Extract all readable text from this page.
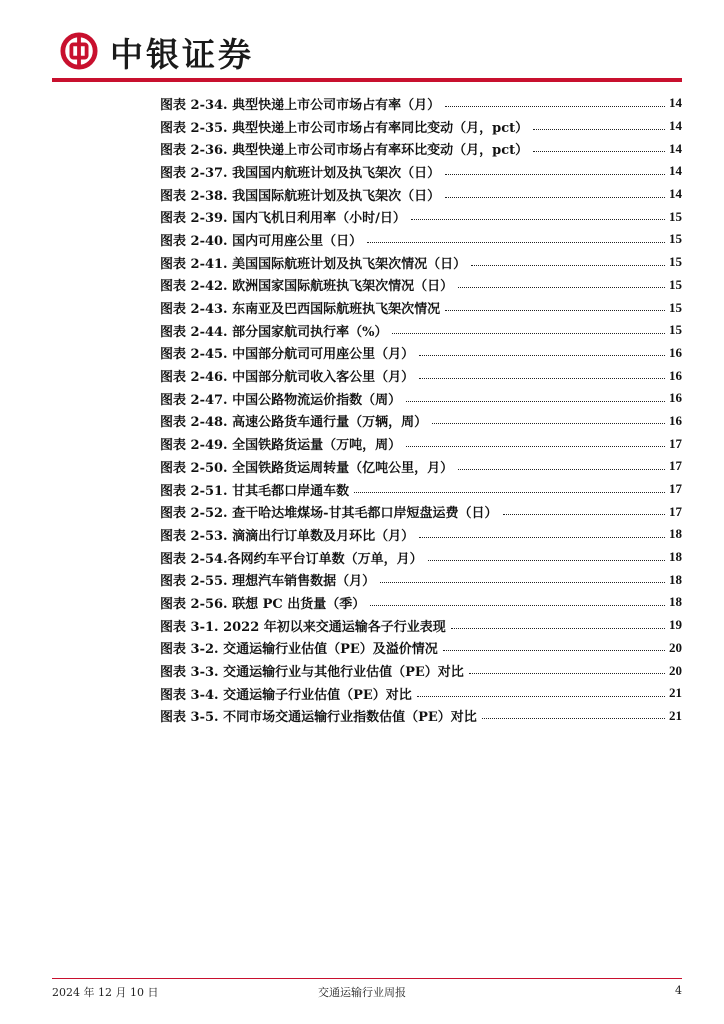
中银证券
图表 2-34. 典型快递上市公司市场占有率（月）	14
图表 2-35. 典型快递上市公司市场占有率同比变动（月，pct）	14
图表 2-36. 典型快递上市公司市场占有率环比变动（月，pct）	14
图表 2-37. 我国国内航班计划及执飞架次（日）	14
图表 2-38. 我国国际航班计划及执飞架次（日）	14
图表 2-39. 国内飞机日利用率（小时/日）	15
图表 2-40. 国内可用座公里（日）	15
图表 2-41. 美国国际航班计划及执飞架次情况（日）	15
图表 2-42. 欧洲国家国际航班执飞架次情况（日）	15
图表 2-43. 东南亚及巴西国际航班执飞架次情况	15
图表 2-44. 部分国家航司执行率（%）	15
图表 2-45. 中国部分航司可用座公里（月）	16
图表 2-46. 中国部分航司收入客公里（月）	16
图表 2-47. 中国公路物流运价指数（周）	16
图表 2-48. 高速公路货车通行量（万辆，周）	16
图表 2-49. 全国铁路货运量（万吨，周）	17
图表 2-50. 全国铁路货运周转量（亿吨公里，月）	17
图表 2-51. 甘其毛都口岸通车数	17
图表 2-52. 查干哈达堆煤场-甘其毛都口岸短盘运费（日）	17
图表 2-53. 滴滴出行订单数及月环比（月）	18
图表 2-54.各网约车平台订单数（万单，月）	18
图表 2-55. 理想汽车销售数据（月）	18
图表 2-56. 联想 PC 出货量（季）	18
图表 3-1. 2022 年初以来交通运输各子行业表现	19
图表 3-2. 交通运输行业估值（PE）及溢价情况	20
图表 3-3. 交通运输行业与其他行业估值（PE）对比	20
图表 3-4. 交通运输子行业估值（PE）对比	21
图表 3-5. 不同市场交通运输行业指数估值（PE）对比	21
2024 年 12 月 10 日	交通运输行业周报	4
